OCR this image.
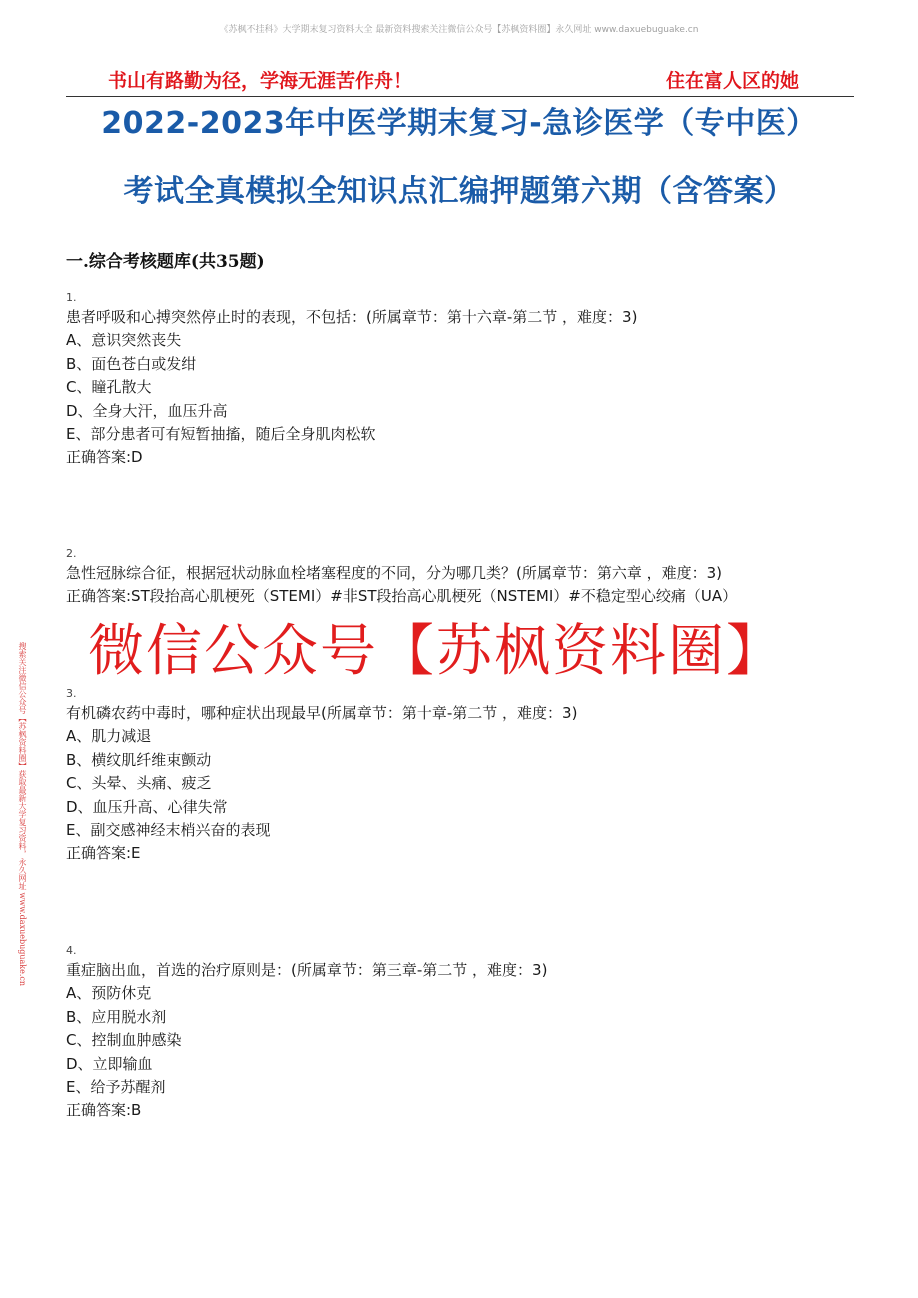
《苏枫不挂科》大学期末复习资料大全 最新资料搜索关注微信公众号【苏枫资料圈】永久网址 www.daxuebuguake.cn
书山有路勤为径，学海无涯苦作舟！	住在富人区的她
2022-2023年中医学期末复习-急诊医学（专中医）
考试全真模拟全知识点汇编押题第六期（含答案）
一.综合考核题库(共35题)
1.
患者呼吸和心搏突然停止时的表现，不包括：(所属章节：第十六章-第二节 ，难度：3)
A、意识突然丧失
B、面色苍白或发绀
C、瞳孔散大
D、全身大汗，血压升高
E、部分患者可有短暂抽搐，随后全身肌肉松软
正确答案:D
2.
急性冠脉综合征，根据冠状动脉血栓堵塞程度的不同，分为哪几类？(所属章节：第六章 ，难度：3)
正确答案:ST段抬高心肌梗死（STEMI）#非ST段抬高心肌梗死（NSTEMI）#不稳定型心绞痛（UA）
微信公众号【苏枫资料圈】
3.
有机磷农药中毒时，哪种症状出现最早(所属章节：第十章-第二节 ，难度：3)
A、肌力减退
B、横纹肌纤维束颤动
C、头晕、头痛、疲乏
D、血压升高、心律失常
E、副交感神经末梢兴奋的表现
正确答案:E
4.
重症脑出血，首选的治疗原则是：(所属章节：第三章-第二节 ，难度：3)
A、预防休克
B、应用脱水剂
C、控制血肿感染
D、立即输血
E、给予苏醒剂
正确答案:B
搜索关注微信公众号【苏枫资料圈】获取最新大学复习资料，永久网址 www.daxuebuguake.cn
